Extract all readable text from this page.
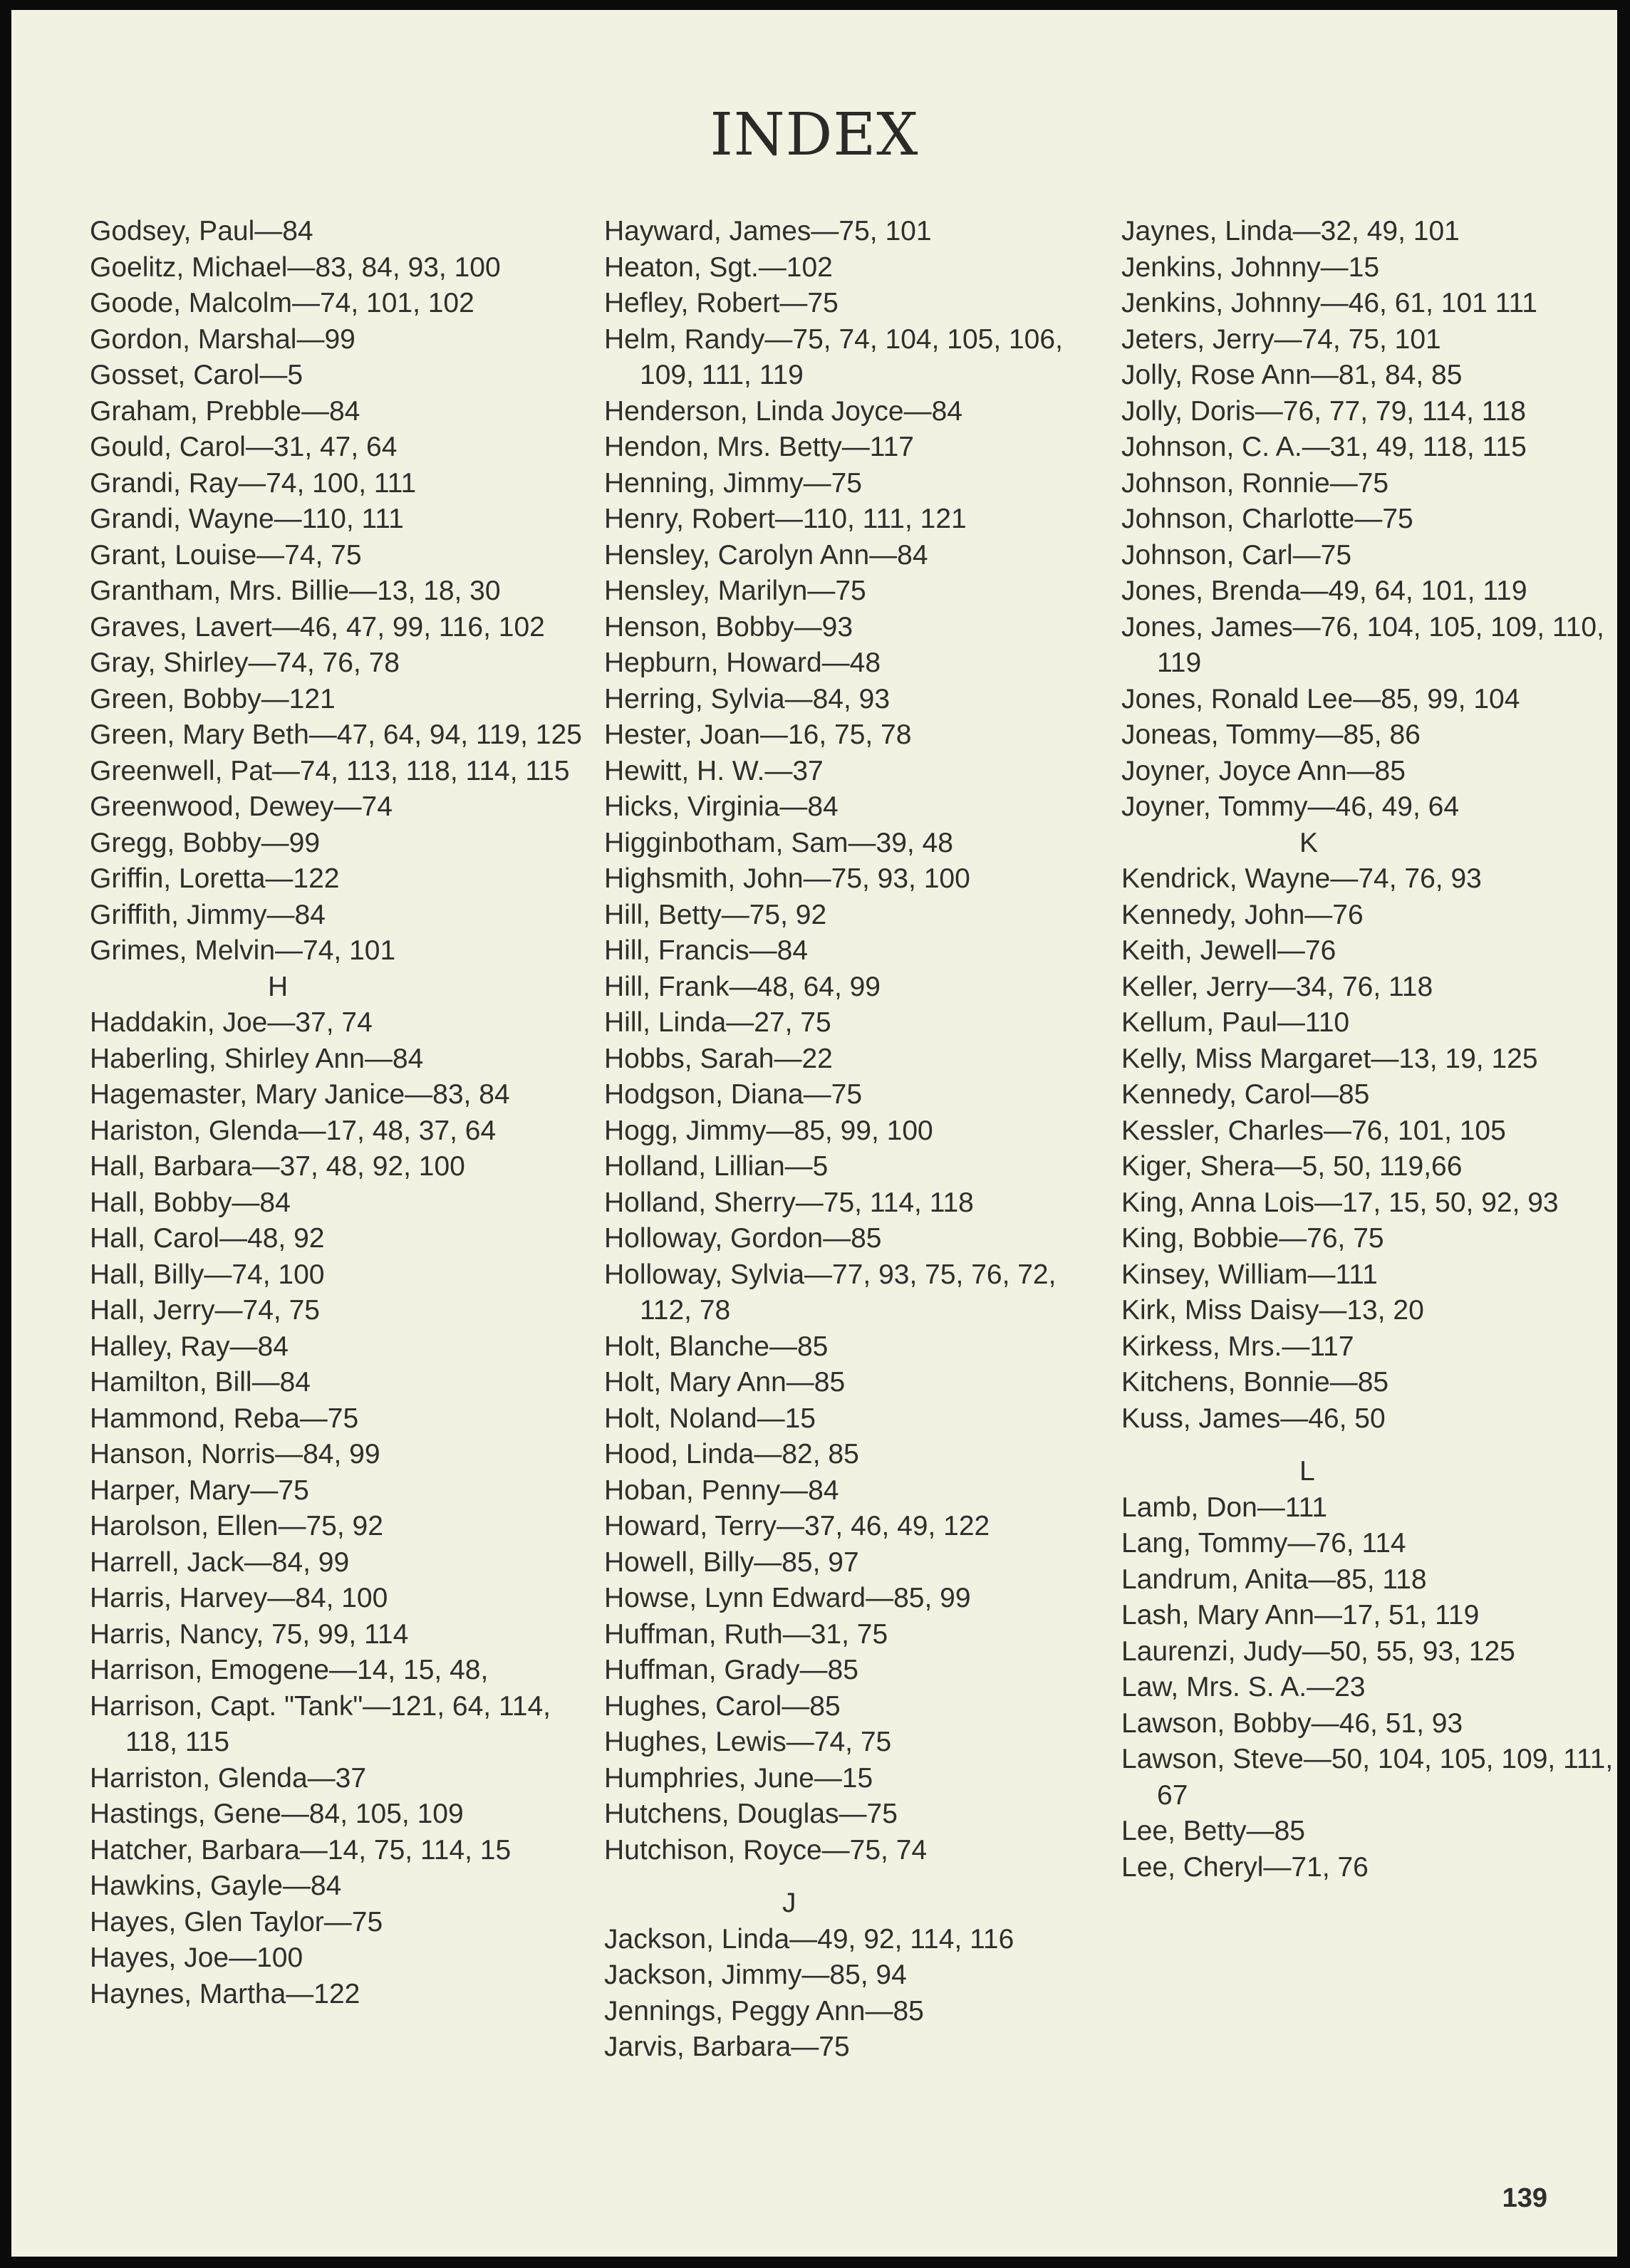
INDEX

Godsey, Paul—84

Goelitz, Michael—83, 84, 93, 100

Goode, Malcolm—74, 101, 102

Gordon, Marshal—99

Gosset, Carol—5

Graham, Prebble—84

Gould, Carol—31, 47, 64

Grandi, Ray—74, 100, 111

Grandi, Wayne—110, 111

Grant, Louise—74, 75

Grantham, Mrs. Billie—13, 18, 30

Graves, Lavert—46, 47, 99, 116, 102

Gray, Shirley—74, 76, 78

Green, Bobby—121

Green, Mary Beth—47, 64, 94, 119, 125

Greenwell, Pat—74, 113, 118, 114, 115

Greenwood, Dewey—74

Gregg, Bobby—99

Griffin, Loretta—122

Griffith, Jimmy—84

Grimes, Melvin—74, 101

H

Haddakin, Joe—37, 74

Haberling, Shirley Ann—84

Hagemaster, Mary Janice—83, 84

Hariston, Glenda—17, 48, 37, 64

Hall, Barbara—37, 48, 92, 100

Hall, Bobby—84

Hall, Carol—48, 92

Hall, Billy—74, 100

Hall, Jerry—74, 75

Halley, Ray—84

Hamilton, Bill—84

Hammond, Reba—75

Hanson, Norris—84, 99

Harper, Mary—75

Harolson, Ellen—75, 92

Harrell, Jack—84, 99

Harris, Harvey—84, 100

Harris, Nancy, 75, 99, 114

Harrison, Emogene—14, 15, 48,

Harrison, Capt. "Tank"—121, 64, 114, 118, 115

Harriston, Glenda—37

Hastings, Gene—84, 105, 109

Hatcher, Barbara—14, 75, 114, 15

Hawkins, Gayle—84

Hayes, Glen Taylor—75

Hayes, Joe—100

Haynes, Martha—122

Hayward, James—75, 101

Heaton, Sgt.—102

Hefley, Robert—75

Helm, Randy—75, 74, 104, 105, 106, 109, 111, 119

Henderson, Linda Joyce—84

Hendon, Mrs. Betty—117

Henning, Jimmy—75

Henry, Robert—110, 111, 121

Hensley, Carolyn Ann—84

Hensley, Marilyn—75

Henson, Bobby—93

Hepburn, Howard—48

Herring, Sylvia—84, 93

Hester, Joan—16, 75, 78

Hewitt, H. W.—37

Hicks, Virginia—84

Higginbotham, Sam—39, 48

Highsmith, John—75, 93, 100

Hill, Betty—75, 92

Hill, Francis—84

Hill, Frank—48, 64, 99

Hill, Linda—27, 75

Hobbs, Sarah—22

Hodgson, Diana—75

Hogg, Jimmy—85, 99, 100

Holland, Lillian—5

Holland, Sherry—75, 114, 118

Holloway, Gordon—85

Holloway, Sylvia—77, 93, 75, 76, 72, 112, 78

Holt, Blanche—85

Holt, Mary Ann—85

Holt, Noland—15

Hood, Linda—82, 85

Hoban, Penny—84

Howard, Terry—37, 46, 49, 122

Howell, Billy—85, 97

Howse, Lynn Edward—85, 99

Huffman, Ruth—31, 75

Huffman, Grady—85

Hughes, Carol—85

Hughes, Lewis—74, 75

Humphries, June—15

Hutchens, Douglas—75

Hutchison, Royce—75, 74

J

Jackson, Linda—49, 92, 114, 116

Jackson, Jimmy—85, 94

Jennings, Peggy Ann—85

Jarvis, Barbara—75

Jaynes, Linda—32, 49, 101

Jenkins, Johnny—15

Jenkins, Johnny—46, 61, 101 111

Jeters, Jerry—74, 75, 101

Jolly, Rose Ann—81, 84, 85

Jolly, Doris—76, 77, 79, 114, 118

Johnson, C. A.—31, 49, 118, 115

Johnson, Ronnie—75

Johnson, Charlotte—75

Johnson, Carl—75

Jones, Brenda—49, 64, 101, 119

Jones, James—76, 104, 105, 109, 110, 119

Jones, Ronald Lee—85, 99, 104

Joneas, Tommy—85, 86

Joyner, Joyce Ann—85

Joyner, Tommy—46, 49, 64

K

Kendrick, Wayne—74, 76, 93

Kennedy, John—76

Keith, Jewell—76

Keller, Jerry—34, 76, 118

Kellum, Paul—110

Kelly, Miss Margaret—13, 19, 125

Kennedy, Carol—85

Kessler, Charles—76, 101, 105

Kiger, Shera—5, 50, 119,66

King, Anna Lois—17, 15, 50, 92, 93

King, Bobbie—76, 75

Kinsey, William—111

Kirk, Miss Daisy—13, 20

Kirkess, Mrs.—117

Kitchens, Bonnie—85

Kuss, James—46, 50

L

Lamb, Don—111

Lang, Tommy—76, 114

Landrum, Anita—85, 118

Lash, Mary Ann—17, 51, 119

Laurenzi, Judy—50, 55, 93, 125

Law, Mrs. S. A.—23

Lawson, Bobby—46, 51, 93

Lawson, Steve—50, 104, 105, 109, 111, 67

Lee, Betty—85

Lee, Cheryl—71, 76

139
